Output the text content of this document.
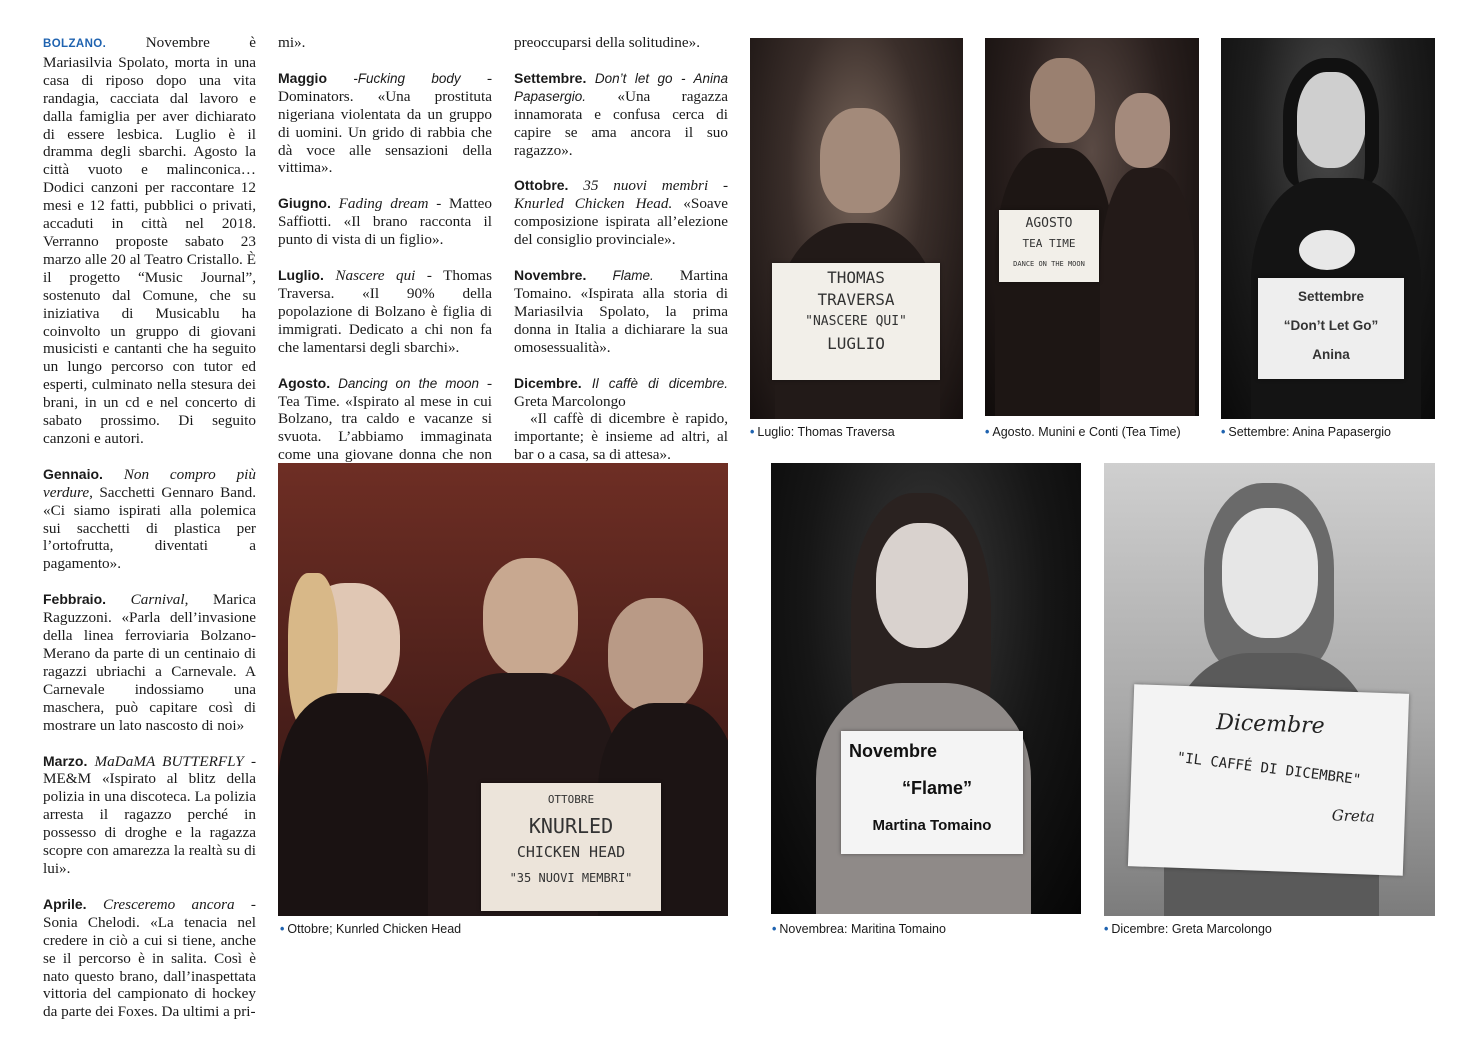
BOLZANO.	Novembre è Mariasilvia Spolato, morta in una casa di riposo dopo una vita randagia, cacciata dal lavoro e dalla famiglia per aver dichiarato di essere lesbica. Luglio è il dramma degli sbarchi. Agosto la città vuoto e malinconica… Dodici canzoni per raccontare 12 mesi e 12 fatti, pubblici o privati, accaduti in città nel 2018. Verranno proposte sabato 23 marzo alle 20 al Teatro Cristallo. È il progetto “Music Journal”, sostenuto dal Comune, che su iniziativa di Musicablu ha coinvolto un gruppo di giovani musicisti e cantanti che ha seguito un lungo percorso con tutor ed esperti, culminato nella stesura dei brani, in un cd e nel concerto di sabato prossimo. Di seguito canzoni e autori.

Gennaio. Non compro più verdure, Sacchetti Gennaro Band. «Ci siamo ispirati alla polemica sui sacchetti di plastica per l’ortofrutta, diventati a pagamento».

Febbraio. Carnival, Marica Raguzzoni. «Parla dell’invasione della linea ferroviaria Bolzano-Merano da parte di un centinaio di ragazzi ubriachi a Carnevale. A Carnevale indossiamo una maschera, può capitare così di mostrare un lato nascosto di noi»

Marzo. MaDaMA BUTTERFLY - ME&M «Ispirato al blitz della polizia in una discoteca. La polizia arresta il ragazzo perché in possesso di droghe e la ragazza scopre con amarezza la realtà su di lui».

Aprile. Cresceremo ancora - Sonia Chelodi. «La tenacia nel credere in ciò a cui si tiene, anche se il percorso è in salita. Così è nato questo brano, dall’inaspettata vittoria del campionato di hockey da parte dei Foxes. Da ultimi a pri-

mi».

Maggio -Fucking body - Dominators. «Una prostituta nigeriana violentata da un gruppo di uomini. Un grido di rabbia che dà voce alle sensazioni della vittima».

Giugno. Fading dream - Matteo Saffiotti. «Il brano racconta il punto di vista di un figlio».

Luglio. Nascere qui - Thomas Traversa. «Il 90% della popolazione di Bolzano è figlia di immigrati. Dedicato a chi non fa che lamentarsi degli sbarchi».

Agosto. Dancing on the moon - Tea Time. «Ispirato al mese in cui Bolzano, tra caldo e vacanze si svuota. L’abbiamo immaginata come una giovane donna che non

preoccuparsi della solitudine».

Settembre. Don’t let go - Anina Papasergio. «Una ragazza innamorata e confusa cerca di capire se ama ancora il suo ragazzo».

Ottobre. 35 nuovi membri - Knurled Chicken Head. «Soave composizione ispirata all’elezione del consiglio provinciale».

Novembre. Flame. Martina Tomaino. «Ispirata alla storia di Mariasilvia Spolato, la prima donna in Italia a dichiarare la sua omosessualità».

Dicembre. Il caffè di dicembre. Greta Marcolongo

«Il caffè di dicembre è rapido, importante; è insieme ad altri, al bar o a casa, sa di attesa».

THOMAS
TRAVERSA
"NASCERE QUI"
LUGLIO
• Luglio: Thomas Traversa
AGOSTO
TEA TIME
DANCE ON THE MOON
• Agosto. Munini e Conti (Tea Time)
Settembre
“Don’t Let Go”
Anina
• Settembre: Anina Papasergio
OTTOBRE
KNURLED
CHICKEN HEAD
"35 NUOVI MEMBRI"
• Ottobre; Kunrled Chicken Head
Novembre
“Flame”
Martina Tomaino
• Novembrea: Maritina Tomaino
Dicembre
"IL CAFFÉ DI DICEMBRE"
Greta
• Dicembre: Greta Marcolongo
